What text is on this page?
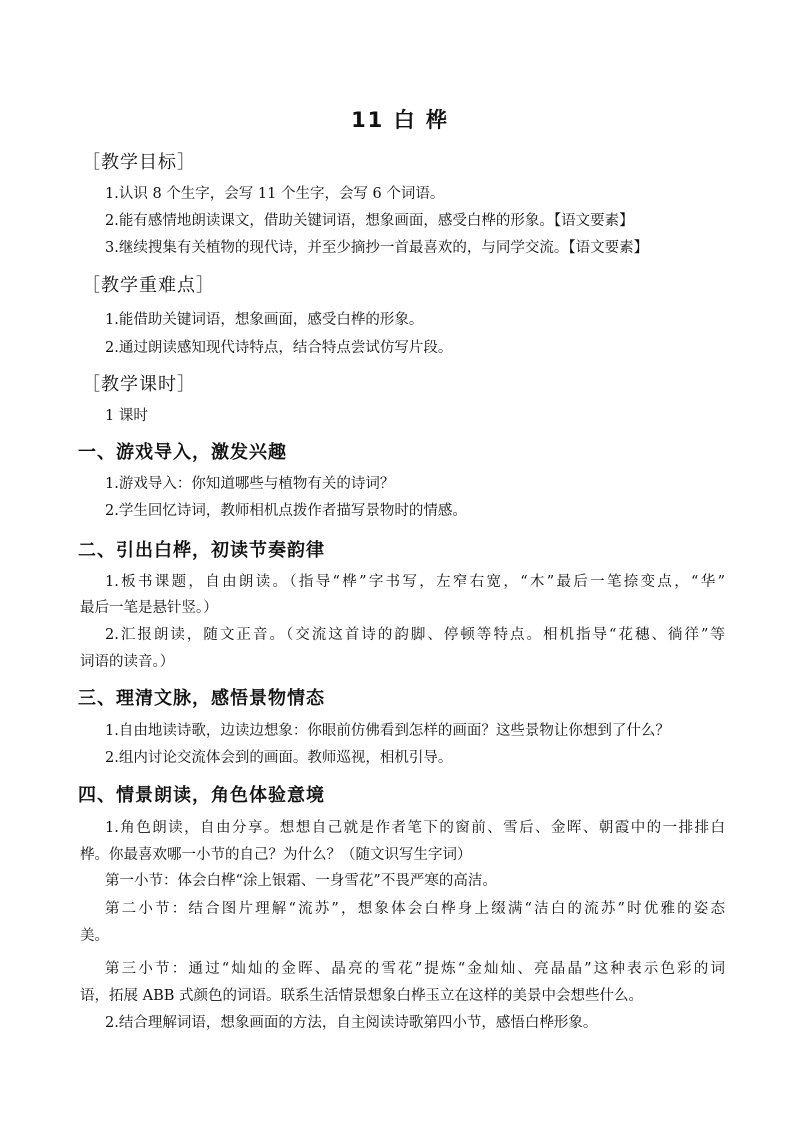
11 白 桦
［教学目标］
1.认识 8 个生字，会写 11 个生字，会写 6 个词语。
2.能有感情地朗读课文，借助关键词语，想象画面，感受白桦的形象。【语文要素】
3.继续搜集有关植物的现代诗，并至少摘抄一首最喜欢的，与同学交流。【语文要素】
［教学重难点］
1.能借助关键词语，想象画面，感受白桦的形象。
2.通过朗读感知现代诗特点，结合特点尝试仿写片段。
［教学课时］
1 课时
一、游戏导入，激发兴趣
1.游戏导入：你知道哪些与植物有关的诗词？
2.学生回忆诗词，教师相机点拨作者描写景物时的情感。
二、引出白桦，初读节奏韵律
1.板书课题，自由朗读。（指导“桦”字书写，左窄右宽，“木”最后一笔捺变点，“华”
最后一笔是悬针竖。）
2.汇报朗读，随文正音。（交流这首诗的韵脚、停顿等特点。相机指导“花穗、徜徉”等
词语的读音。）
三、理清文脉，感悟景物情态
1.自由地读诗歌，边读边想象：你眼前仿佛看到怎样的画面？这些景物让你想到了什么？
2.组内讨论交流体会到的画面。教师巡视，相机引导。
四、情景朗读，角色体验意境
1.角色朗读，自由分享。想想自己就是作者笔下的窗前、雪后、金晖、朝霞中的一排排白
桦。你最喜欢哪一小节的自己？为什么？（随文识写生字词）
第一小节：体会白桦“涂上银霜、一身雪花”不畏严寒的高洁。
第二小节：结合图片理解“流苏”，想象体会白桦身上缀满“洁白的流苏”时优雅的姿态
美。
第三小节：通过“灿灿的金晖、晶亮的雪花”提炼“金灿灿、亮晶晶”这种表示色彩的词
语，拓展 ABB 式颜色的词语。联系生活情景想象白桦玉立在这样的美景中会想些什么。
2.结合理解词语，想象画面的方法，自主阅读诗歌第四小节，感悟白桦形象。
